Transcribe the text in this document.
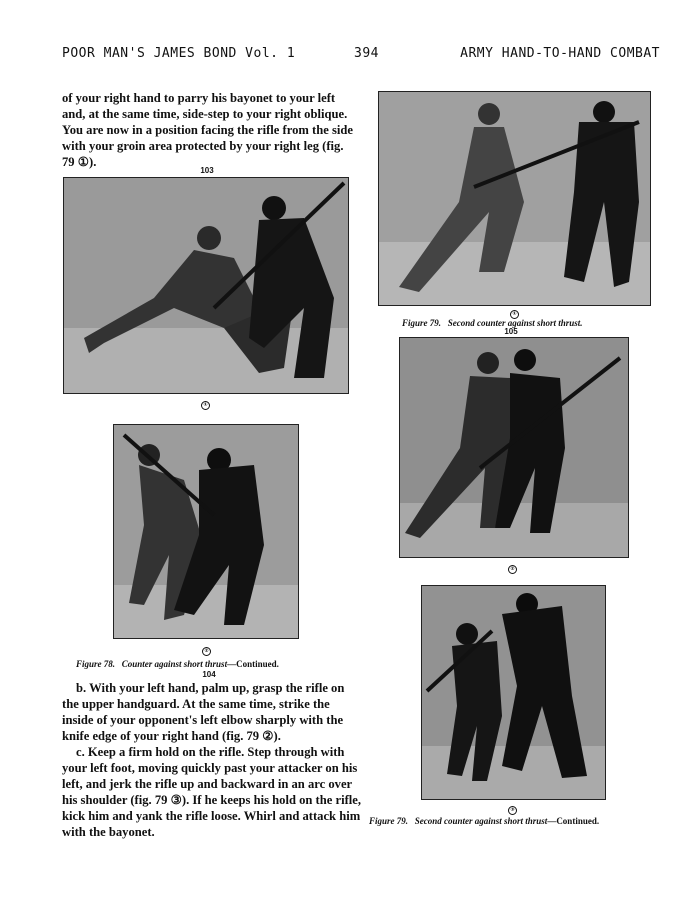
POOR MAN'S JAMES BOND Vol. 1	394	ARMY HAND-TO-HAND COMBAT

of your right hand to parry his bayonet to your left and, at the same time, side-step to your right oblique. You are now in a position facing the rifle from the side with your groin area protected by your right leg (fig. 79 ①).

103
①
②
Figure 78. Counter against short thrust—Continued.
104

b. With your left hand, palm up, grasp the rifle on the upper handguard. At the same time, strike the inside of your opponent's left elbow sharply with the knife edge of your right hand (fig. 79 ②).

c. Keep a firm hold on the rifle. Step through with your left foot, moving quickly past your attacker on his left, and jerk the rifle up and backward in an arc over his shoulder (fig. 79 ③). If he keeps his hold on the rifle, kick him and yank the rifle loose. Whirl and attack him with the bayonet.

①
Figure 79. Second counter against short thrust.
105
②
③
Figure 79. Second counter against short thrust—Continued.
